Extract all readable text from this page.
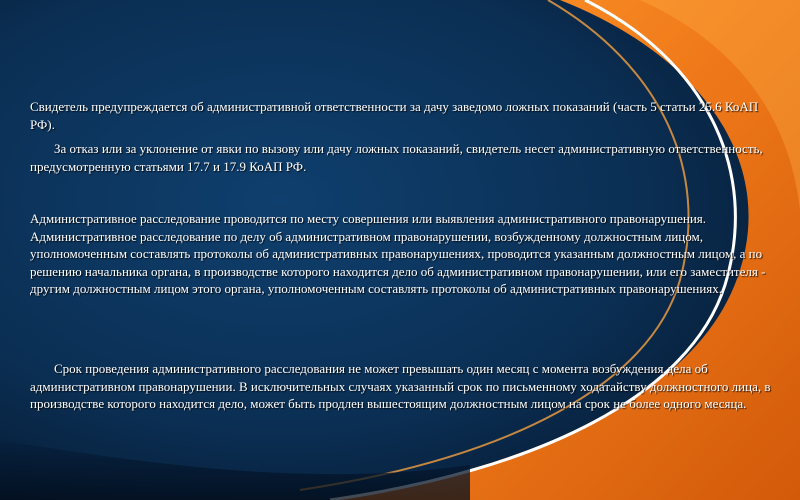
Свидетель предупреждается об административной ответственности за дачу заведомо ложных показаний (часть 5 статьи 25.6 КоАП РФ).

За отказ или за уклонение от явки по вызову или дачу ложных показаний, свидетель несет административную ответственность, предусмотренную статьями 17.7 и 17.9 КоАП РФ.

Административное расследование проводится по месту совершения или выявления административного правонарушения. Административное расследование по делу об административном правонарушении, возбужденному должностным лицом, уполномоченным составлять протоколы об административных правонарушениях, проводится указанным должностным лицом, а по решению начальника органа, в производстве которого находится дело об административном правонарушении, или его заместителя - другим должностным лицом этого органа, уполномоченным составлять протоколы об административных правонарушениях.

Срок проведения административного расследования не может превышать один месяц с момента возбуждения дела об административном правонарушении. В исключительных случаях указанный срок по письменному ходатайству должностного лица, в производстве которого находится дело, может быть продлен вышестоящим должностным лицом на срок не более одного месяца.
